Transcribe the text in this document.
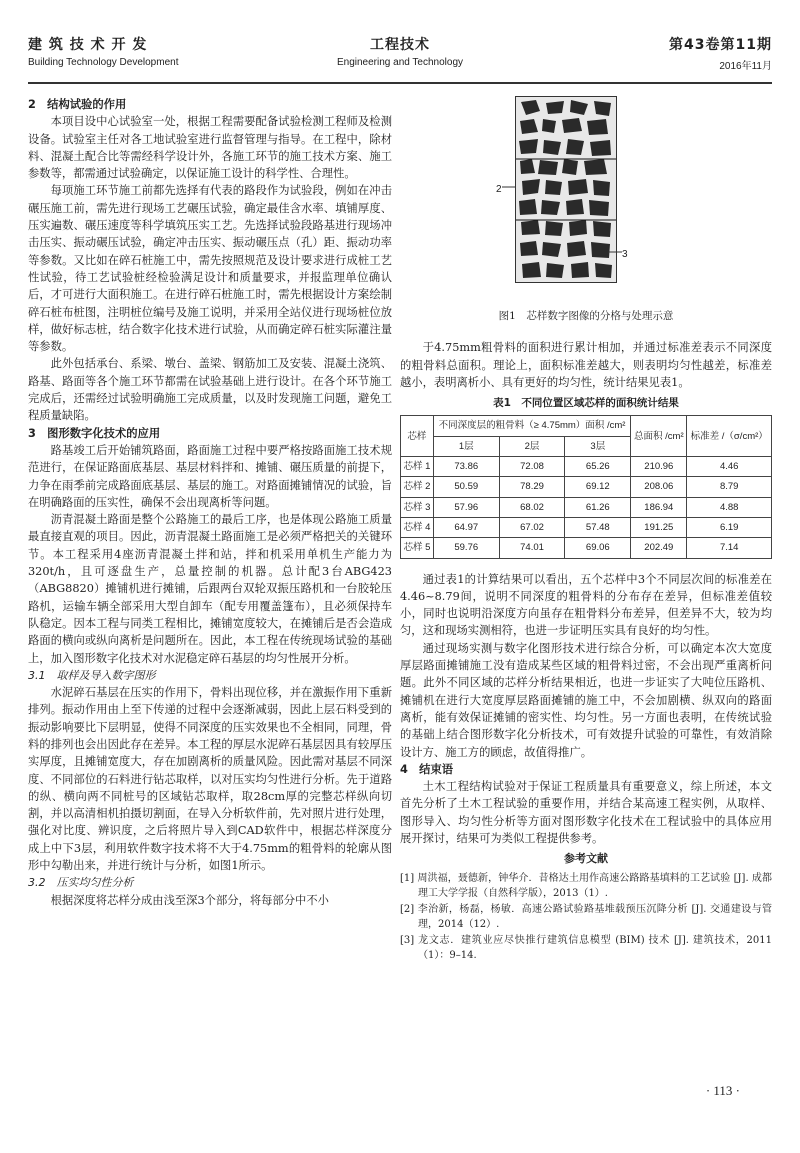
建 筑 技 术 开 发
Building Technology Development
工程技术
Engineering and Technology
第43卷第11期
2016年11月

2　结构试验的作用

本项目设中心试验室一处，根据工程需要配备试验检测工程师及检测设备。试验室主任对各工地试验室进行监督管理与指导。在工程中，除材料、混凝土配合比等需经科学设计外，各施工环节的施工技术方案、施工参数等，都需通过试验确定，以保证施工设计的科学性、合理性。

每项施工环节施工前都先选择有代表的路段作为试验段，例如在冲击碾压施工前，需先进行现场工艺碾压试验，确定最佳含水率、填铺厚度、压实遍数、碾压速度等科学填筑压实工艺。先选择试验段路基进行现场冲击压实、振动碾压试验，确定冲击压实、振动碾压点（孔）距、振动功率等参数。又比如在碎石桩施工中，需先按照规范及设计要求进行成桩工艺性试验，待工艺试验桩经检验满足设计和质量要求，并报监理单位确认后，才可进行大面积施工。在进行碎石桩施工时，需先根据设计方案绘制碎石桩布桩图，注明桩位编号及施工说明，并采用全站仪进行现场桩位放样，做好标志桩，结合数字化技术进行试验，从而确定碎石桩实际灌注量等参数。

此外包括承台、系梁、墩台、盖梁、钢筋加工及安装、混凝土浇筑、路基、路面等各个施工环节都需在试验基础上进行设计。在各个环节施工完成后，还需经过试验明确施工完成质量，以及时发现施工问题，避免工程质量缺陷。

3　图形数字化技术的应用

路基竣工后开始铺筑路面，路面施工过程中要严格按路面施工技术规范进行，在保证路面底基层、基层材料拌和、摊铺、碾压质量的前提下，力争在雨季前完成路面底基层、基层的施工。对路面摊铺情况的试验，旨在明确路面的压实性，确保不会出现离析等问题。

沥青混凝土路面是整个公路施工的最后工序，也是体现公路施工质量最直接直观的项目。因此，沥青混凝土路面施工是必须严格把关的关键环节。本工程采用4座沥青混凝土拌和站，拌和机采用单机生产能力为320t/h，且可逐盘生产，总量控制的机器。总计配3台ABG423（ABG8820）摊铺机进行摊铺，后跟两台双轮双振压路机和一台胶轮压路机，运输车辆全部采用大型自卸车（配专用覆盖篷布），且必须保持车队稳定。因本工程与同类工程相比，摊铺宽度较大，在摊铺后是否会造成路面的横向或纵向离析是问题所在。因此，本工程在传统现场试验的基础上，加入图形数字化技术对水泥稳定碎石基层的均匀性展开分析。

3.1　取样及导入数字图形

水泥碎石基层在压实的作用下，骨料出现位移，并在激振作用下重新排列。振动作用由上至下传递的过程中会逐渐减弱，因此上层石料受到的振动影响要比下层明显，使得不同深度的压实效果也不全相同，同理，骨料的排列也会出因此存在差异。本工程的厚层水泥碎石基层因具有较厚压实厚度，且摊铺宽度大，存在加剧离析的质量风险。因此需对基层不同深度、不同部位的石料进行钻芯取样，以对压实均匀性进行分析。先于道路的纵、横向两不同桩号的区域钻芯取样，取28cm厚的完整芯样纵向切割，并以高清相机拍摄切割面，在导入分析软件前，先对照片进行处理，强化对比度、辨识度，之后将照片导入到CAD软件中，根据芯样深度分成上中下3层，利用软件数字技术将不大于4.75mm的粗骨料的轮廓从图形中勾勒出来，并进行统计与分析，如图1所示。

3.2　压实均匀性分析

根据深度将芯样分成由浅至深3个部分，将每部分中不小

2
3
图1　芯样数字图像的分格与处理示意

于4.75mm粗骨料的面积进行累计相加，并通过标准差表示不同深度的粗骨料总面积。理论上，面积标准差越大，则表明均匀性越差，标准差越小，表明离析小、具有更好的均匀性，统计结果见表1。

表1　不同位置区域芯样的面积统计结果
芯样	不同深度层的粗骨料（≥ 4.75mm）面积 /cm²			总面积 /cm²	标准差 /（σ/cm²）
	1层	2层	3层		
芯样 1	73.86	72.08	65.26	210.96	4.46
芯样 2	50.59	78.29	69.12	208.06	8.79
芯样 3	57.96	68.02	61.26	186.94	4.88
芯样 4	64.97	67.02	57.48	191.25	6.19
芯样 5	59.76	74.01	69.06	202.49	7.14

通过表1的计算结果可以看出，五个芯样中3个不同层次间的标准差在4.46~8.79间，说明不同深度的粗骨料的分布存在差异，但标准差值较小，同时也说明沿深度方向虽存在粗骨料分布差异，但差异不大，较为均匀，这和现场实测相符，也进一步证明压实具有良好的均匀性。

通过现场实测与数字化图形技术进行综合分析，可以确定本次大宽度厚层路面摊铺施工没有造成某些区域的粗骨料过密，不会出现严重离析问题。此外不同区域的芯样分析结果相近，也进一步证实了大吨位压路机、摊铺机在进行大宽度厚层路面摊铺的施工中，不会加剧横、纵双向的路面离析，能有效保证摊铺的密实性、均匀性。另一方面也表明，在传统试验的基础上结合图形数字化分析技术，可有效提升试验的可靠性，有效消除设计方、施工方的顾虑，故值得推广。

4　结束语

土木工程结构试验对于保证工程质量具有重要意义，综上所述，本文首先分析了土木工程试验的重要作用，并结合某高速工程实例，从取样、图形导入、均匀性分析等方面对图形数字化技术在工程试验中的具体应用展开探讨，结果可为类似工程提供参考。

参考文献

[1] 周洪福，聂德新，钟华介．昔格达土用作高速公路路基填料的工艺试验 [J]. 成都理工大学学报（自然科学版），2013（1）.

[2] 李治新，杨磊，杨敏．高速公路试验路基堆载预压沉降分析 [J]. 交通建设与管理，2014（12）.

[3] 龙文志．建筑业应尽快推行建筑信息模型 (BIM) 技术 [J]. 建筑技术，2011（1）：9–14.

· 113 ·
